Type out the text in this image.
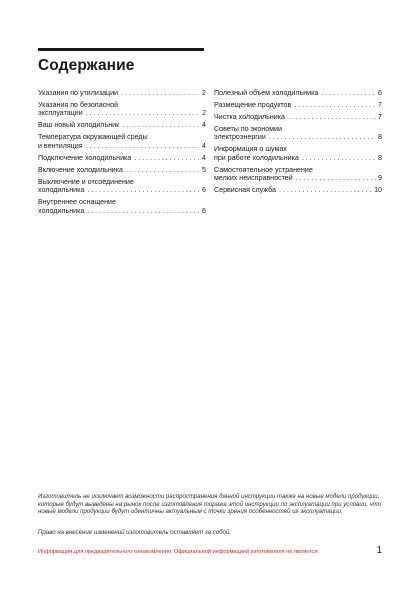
Содержание
Указания по утилизации . . .	2
Указания по безопасной
эксплуатации . . .	2
Ваш новый холодильник . . .	4
Температура окружающей среды
и вентиляция . . .	4
Подключение холодильника . . .	4
Включение холодильника . . .	5
Выключение и отсоединение
холодильника . . .	6
Внутреннее оснащение
холодильника . . .	6
Полезный объем холодильника . . .	6
Размещение продуктов . . .	7
Чистка холодильника . . .	7
Советы по экономии
электроэнергии . . .	8
Информация о шумах
при работе холодильника . . .	8
Самостоятельное устранение
мелких неисправностей . . .	9
Сервисная служба . . .	10

Изготовитель не исключает возможности распространения данной инструкции также на новые модели продукции, которые будут выведены на рынок после изготовления тиража этой инструкции по эксплуатации при условии, что новые модели продукции будут идентичны актуальным с точки зрения особенностей их эксплуатации.

Право на внесение изменений изготовитель оставляет за собой.

Информация для предварительного ознакомления. Официальной информацией изготовителя не является.	1
